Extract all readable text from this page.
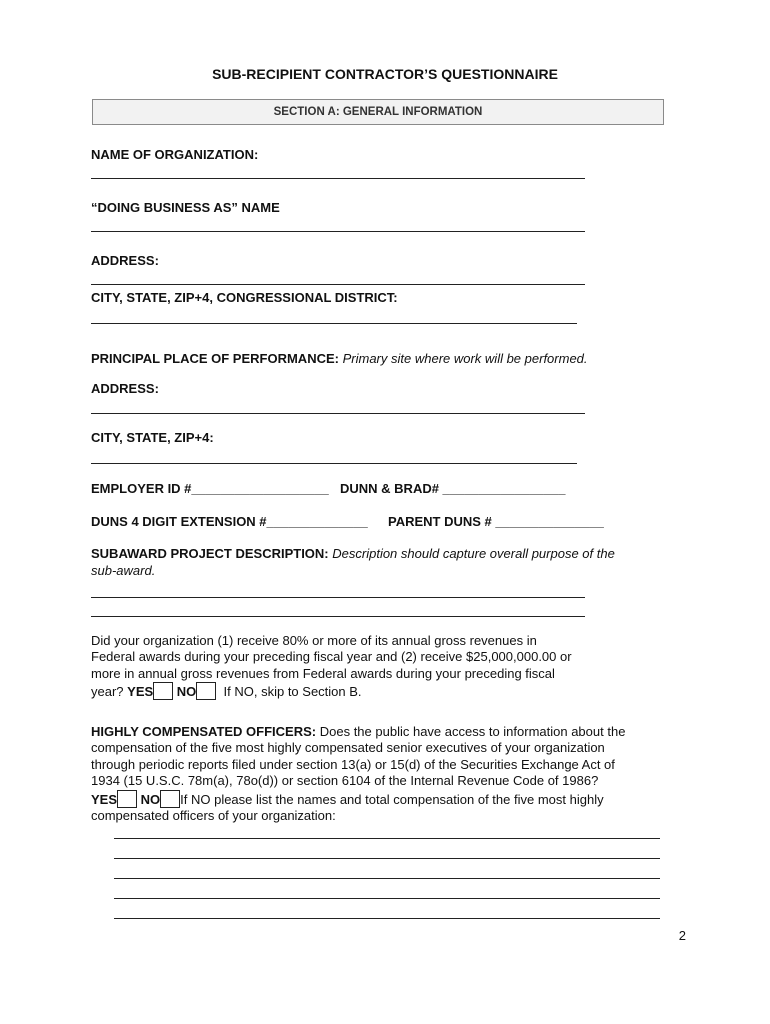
SUB-RECIPIENT CONTRACTOR’S QUESTIONNAIRE
SECTION A: GENERAL INFORMATION
NAME OF ORGANIZATION:
“DOING BUSINESS AS” NAME
ADDRESS:
CITY, STATE, ZIP+4, CONGRESSIONAL DISTRICT:
PRINCIPAL PLACE OF PERFORMANCE: Primary site where work will be performed.
ADDRESS:
CITY, STATE, ZIP+4:
EMPLOYER ID #___________________ DUNN & BRAD# _________________
DUNS 4 DIGIT EXTENSION #______________ PARENT DUNS # _______________
SUBAWARD PROJECT DESCRIPTION: Description should capture overall purpose of the
sub-award.
Did your organization (1) receive 80% or more of its annual gross revenues in
Federal awards during your preceding fiscal year and (2) receive $25,000,000.00 or
more in annual gross revenues from Federal awards during your preceding fiscal
year? YES NO If NO, skip to Section B.
HIGHLY COMPENSATED OFFICERS: Does the public have access to information about the
compensation of the five most highly compensated senior executives of your organization
through periodic reports filed under section 13(a) or 15(d) of the Securities Exchange Act of
1934 (15 U.S.C. 78m(a), 78o(d)) or section 6104 of the Internal Revenue Code of 1986?
YES NO If NO please list the names and total compensation of the five most highly
compensated officers of your organization:
2
